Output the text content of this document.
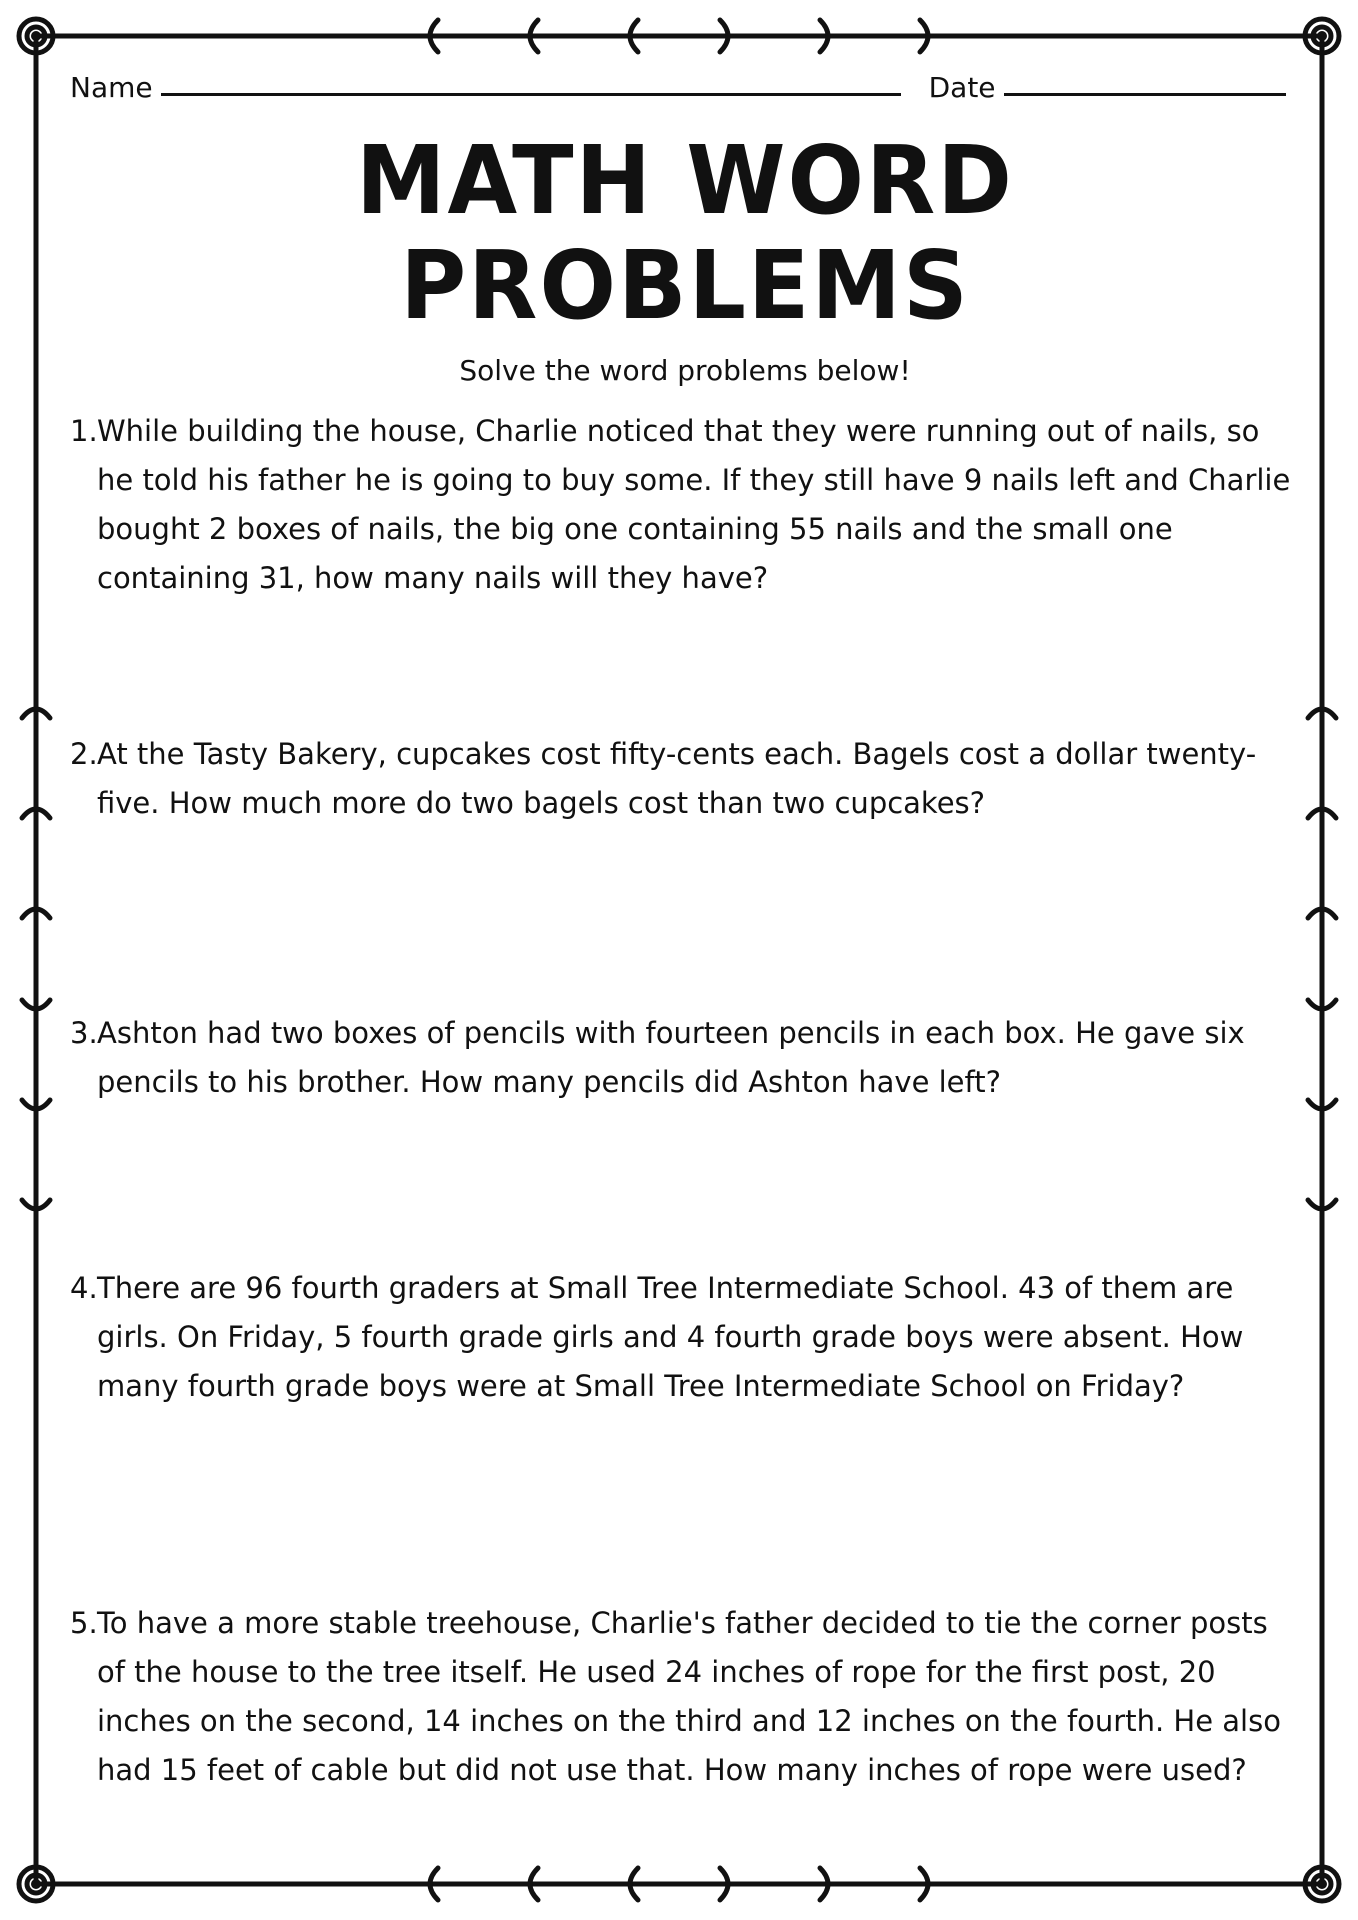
Name	Date
MATH WORD PROBLEMS
Solve the word problems below!
1. While building the house, Charlie noticed that they were running out of nails, so he told his father he is going to buy some. If they still have 9 nails left and Charlie bought 2 boxes of nails, the big one containing 55 nails and the small one containing 31, how many nails will they have?
2. At the Tasty Bakery, cupcakes cost fifty-cents each. Bagels cost a dollar twenty-five. How much more do two bagels cost than two cupcakes?
3. Ashton had two boxes of pencils with fourteen pencils in each box. He gave six pencils to his brother. How many pencils did Ashton have left?
4. There are 96 fourth graders at Small Tree Intermediate School. 43 of them are girls. On Friday, 5 fourth grade girls and 4 fourth grade boys were absent. How many fourth grade boys were at Small Tree Intermediate School on Friday?
5. To have a more stable treehouse, Charlie's father decided to tie the corner posts of the house to the tree itself. He used 24 inches of rope for the first post, 20 inches on the second, 14 inches on the third and 12 inches on the fourth. He also had 15 feet of cable but did not use that. How many inches of rope were used?
